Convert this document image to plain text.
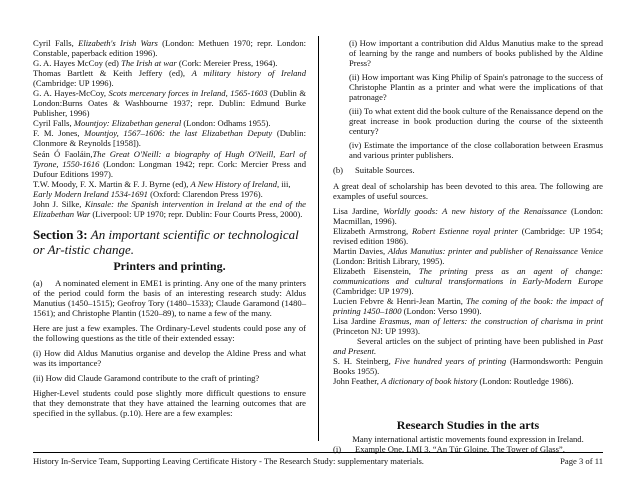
Cyril Falls, Elizabeth's Irish Wars (London: Methuen 1970; repr. London: Constable, paperback edition 1996).

G. A. Hayes McCoy (ed) The Irish at war (Cork: Mereier Press, 1964).

Thomas Bartlett & Keith Jeffery (ed), A military history of Ireland (Cambridge: UP 1996).

G. A. Hayes-McCoy, Scots mercenary forces in Ireland, 1565-1603 (Dublin & London:Burns Oates & Washbourne 1937; repr. Dublin: Edmund Burke Publisher, 1996)

Cyril Falls, Mountjoy: Elizabethan general (London: Odhams 1955).

F. M. Jones, Mountjoy, 1567–1606: the last Elizabethan Deputy (Dublin: Clonmore & Reynolds [1958]).

Seán Ó Faoláin,The Great O'Neill: a biography of Hugh O'Neill, Earl of Tyrone, 1550-1616 (London: Longman 1942; repr. Cork: Mercier Press and Dufour Editions 1997).

T.W. Moody, F. X. Martin & F. J. Byrne (ed), A New History of Ireland, iii,

Early Modern Ireland 1534-1691 (Oxford: Clarendon Press 1976).

John J. Silke, Kinsale: the Spanish intervention in Ireland at the end of the Elizabethan War (Liverpool: UP 1970; repr. Dublin: Four Courts Press, 2000).

Section 3: An important scientific or technological or Ar-tistic change.
Printers and printing.

(a) A nominated element in EME1 is printing. Any one of the many printers of the period could form the basis of an interesting research study: Aldus Manutius (1450–1515); Geofroy Tory (1480–1533); Claude Garamond (1480–1561); and Christophe Plantin (1520–89), to name a few of the many.

Here are just a few examples. The Ordinary-Level students could pose any of the following questions as the title of their extended essay:

(i) How did Aldus Manutius organise and develop the Aldine Press and what was its importance?

(ii) How did Claude Garamond contribute to the craft of printing?

Higher-Level students could pose slightly more difficult questions to ensure that they demonstrate that they have attained the learning outcomes that are specified in the syllabus. (p.10). Here are a few examples:

(i) How important a contribution did Aldus Manutius make to the spread of learning by the range and numbers of books published by the Aldine Press?

(ii) How important was King Philip of Spain's patronage to the success of Christophe Plantin as a printer and what were the implications of that patronage?

(iii) To what extent did the book culture of the Renaissance depend on the great increase in book production during the course of the sixteenth century?

(iv) Estimate the importance of the close collaboration between Erasmus and various printer publishers.

(b) Suitable Sources.

A great deal of scholarship has been devoted to this area. The following are examples of useful sources.

Lisa Jardine, Worldly goods: A new history of the Renaissance (London: Macmillan, 1996).

Elizabeth Armstrong, Robert Estienne royal printer (Cambridge: UP 1954; revised edition 1986).

Martin Davies, Aldus Manutius: printer and publisher of Renaissance Venice (London: British Library, 1995).

Elizabeth Eisenstein, The printing press as an agent of change: communications and cultural transformations in Early-Modern Europe (Cambridge: UP 1979).

Lucien Febvre & Henri-Jean Martin, The coming of the book: the impact of printing 1450–1800 (London: Verso 1990).

Lisa Jardine Erasmus, man of letters: the construction of charisma in print (Princeton NJ: UP 1993).

Several articles on the subject of printing have been published in Past and Present.

S. H. Steinberg, Five hundred years of printing (Harmondsworth: Penguin Books 1955).

John Feather, A dictionary of book history (London: Routledge 1986).

Research Studies in the arts

Many international artistic movements found expression in Ireland.

(i) Example One, LMI 3, “An Túr Gloine, The Tower of Glass”.

History In-Service Team, Supporting Leaving Certificate History - The Research Study: supplementary materials.	Page 3 of 11
